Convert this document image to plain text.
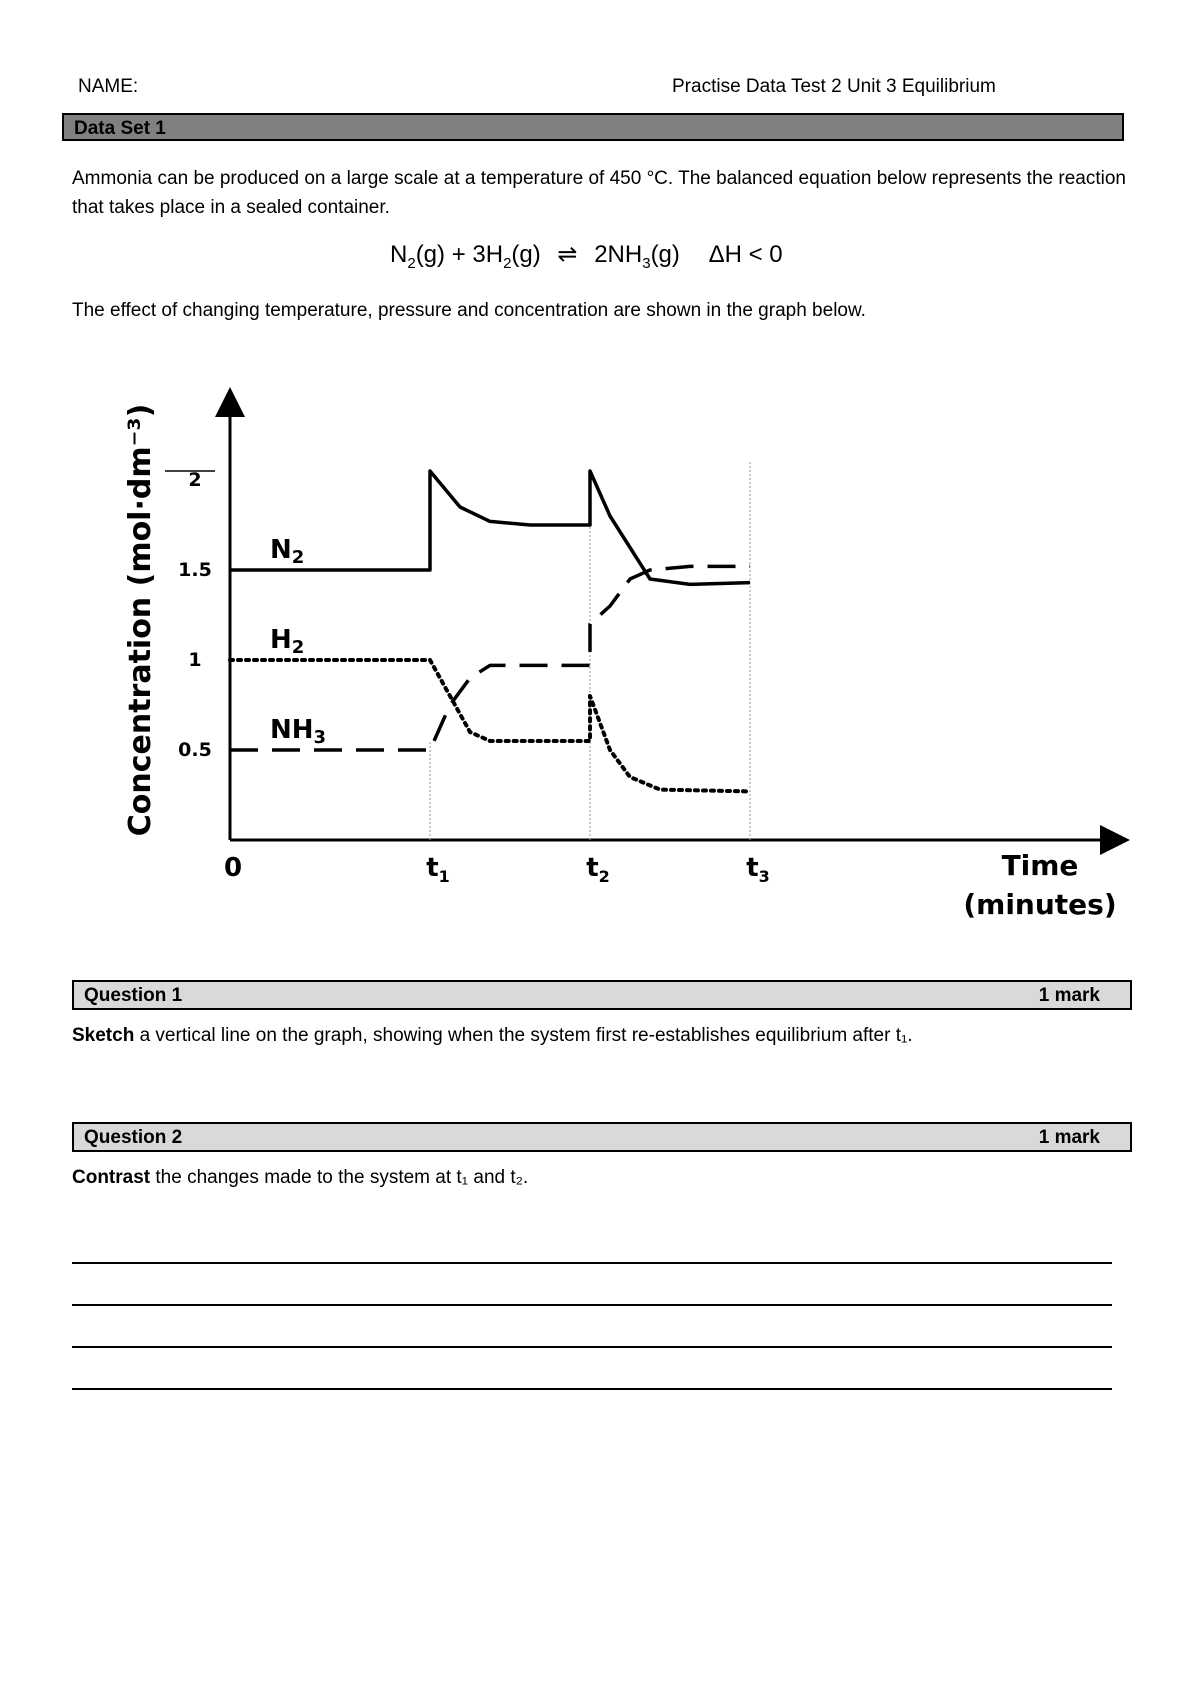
NAME:	Practise Data Test 2 Unit 3 Equilibrium
Data Set 1
Ammonia can be produced on a large scale at a temperature of 450 °C. The balanced equation below represents the reaction that takes place in a sealed container.
$N_2(g) + 3H_2(g)$ ⇌ $2NH_3(g) \Delta H < 0$
The effect of changing temperature, pressure and concentration are shown in the graph below.
Concentration (mol·dm⁻³) 2
1.5
1
0.5
0	$t_1$	$t_2$	$t_3$	Time
(minutes)
N2
H2
NH3
Question 1	1 mark
Sketch a vertical line on the graph, showing when the system first re-establishes equilibrium after t₁.
Question 2	1 mark
Contrast the changes made to the system at t₁ and t₂.
